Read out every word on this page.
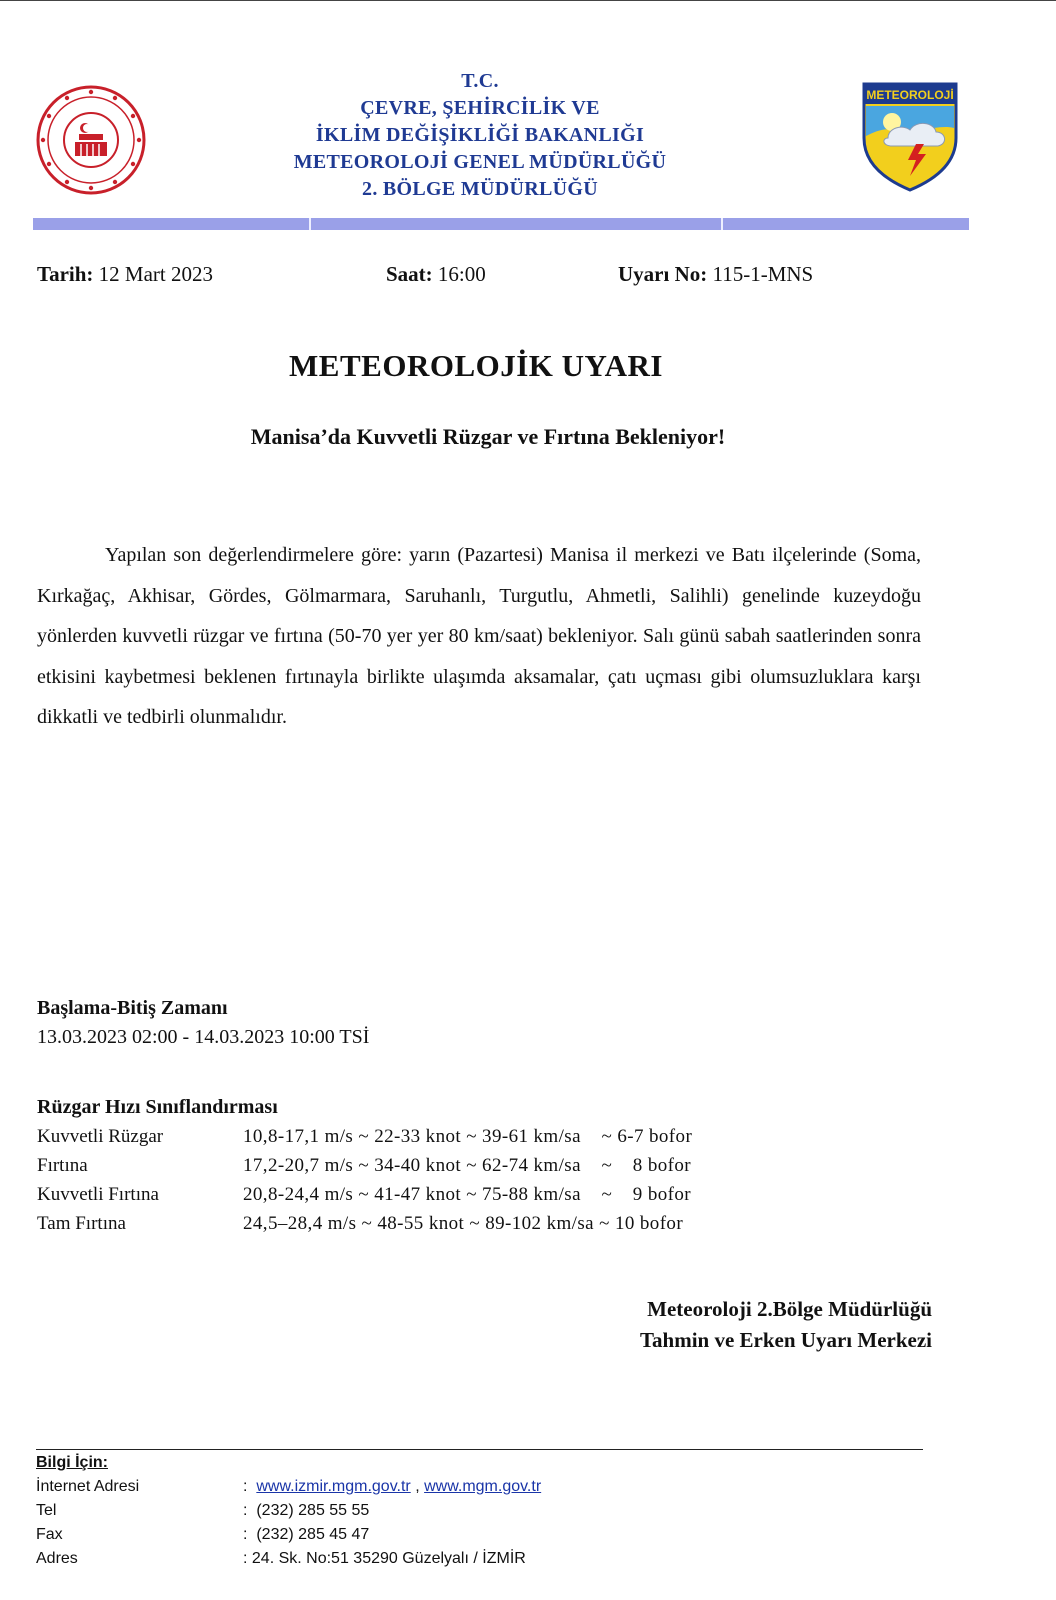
METEOROLOJİ
T.C.
ÇEVRE, ŞEHİRCİLİK VE
İKLİM DEĞİŞİKLİĞİ BAKANLIĞI
METEOROLOJİ GENEL MÜDÜRLÜĞÜ
2. BÖLGE MÜDÜRLÜĞÜ
Tarih: 12 Mart 2023	Saat: 16:00	Uyarı No: 115-1-MNS
METEOROLOJİK UYARI
Manisa’da Kuvvetli Rüzgar ve Fırtına Bekleniyor!
Yapılan son değerlendirmelere göre: yarın (Pazartesi) Manisa il merkezi ve Batı ilçelerinde (Soma, Kırkağaç, Akhisar, Gördes, Gölmarmara, Saruhanlı, Turgutlu, Ahmetli, Salihli) genelinde kuzeydoğu yönlerden kuvvetli rüzgar ve fırtına (50-70 yer yer 80 km/saat) bekleniyor. Salı günü sabah saatlerinden sonra etkisini kaybetmesi beklenen fırtınayla birlikte ulaşımda aksamalar, çatı uçması gibi olumsuzluklara karşı dikkatli ve tedbirli olunmalıdır.
Başlama-Bitiş Zamanı
13.03.2023 02:00 - 14.03.2023 10:00 TSİ
Rüzgar Hızı Sınıflandırması
Kuvvetli Rüzgar	10,8-17,1 m/s ~ 22-33 knot ~ 39-61 km/sa    ~ 6-7 bofor
Fırtına	17,2-20,7 m/s ~ 34-40 knot ~ 62-74 km/sa    ~    8 bofor
Kuvvetli Fırtına	20,8-24,4 m/s ~ 41-47 knot ~ 75-88 km/sa    ~    9 bofor
Tam Fırtına	24,5–28,4 m/s ~ 48-55 knot ~ 89-102 km/sa ~ 10 bofor
Meteoroloji 2.Bölge Müdürlüğü
Tahmin ve Erken Uyarı Merkezi
Bilgi İçin:
İnternet Adresi	: www.izmir.mgm.gov.tr , www.mgm.gov.tr
Tel	: (232) 285 55 55
Fax	: (232) 285 45 47
Adres	: 24. Sk. No:51 35290 Güzelyalı / İZMİR
